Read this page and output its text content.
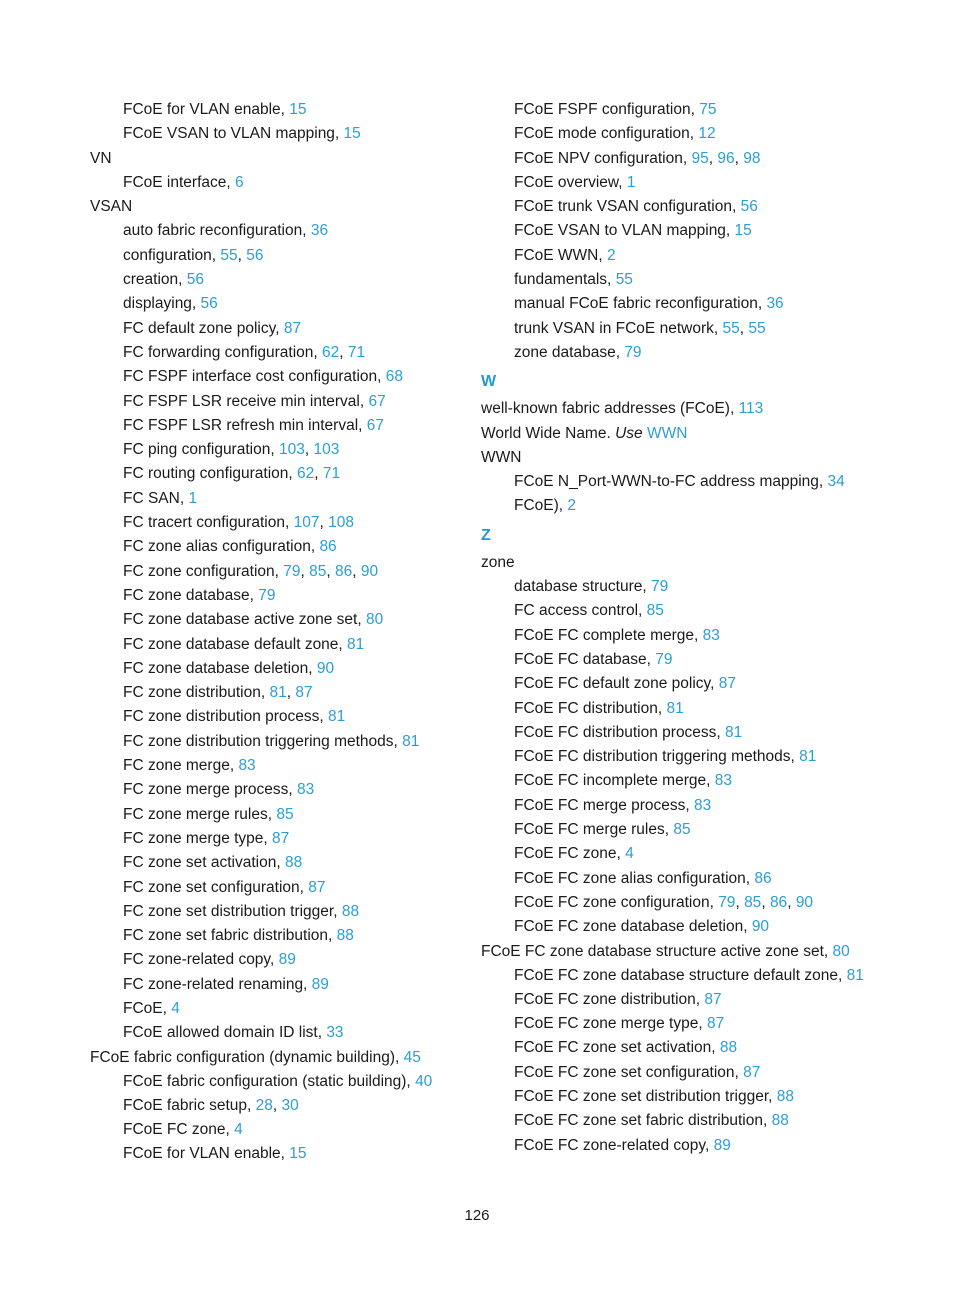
FCoE for VLAN enable, 15
FCoE VSAN to VLAN mapping, 15
VN
FCoE interface, 6
VSAN
auto fabric reconfiguration, 36
configuration, 55, 56
creation, 56
displaying, 56
FC default zone policy, 87
FC forwarding configuration, 62, 71
FC FSPF interface cost configuration, 68
FC FSPF LSR receive min interval, 67
FC FSPF LSR refresh min interval, 67
FC ping configuration, 103, 103
FC routing configuration, 62, 71
FC SAN, 1
FC tracert configuration, 107, 108
FC zone alias configuration, 86
FC zone configuration, 79, 85, 86, 90
FC zone database, 79
FC zone database active zone set, 80
FC zone database default zone, 81
FC zone database deletion, 90
FC zone distribution, 81, 87
FC zone distribution process, 81
FC zone distribution triggering methods, 81
FC zone merge, 83
FC zone merge process, 83
FC zone merge rules, 85
FC zone merge type, 87
FC zone set activation, 88
FC zone set configuration, 87
FC zone set distribution trigger, 88
FC zone set fabric distribution, 88
FC zone-related copy, 89
FC zone-related renaming, 89
FCoE, 4
FCoE allowed domain ID list, 33
FCoE fabric configuration (dynamic building), 45
FCoE fabric configuration (static building), 40
FCoE fabric setup, 28, 30
FCoE FC zone, 4
FCoE for VLAN enable, 15
FCoE FSPF configuration, 75
FCoE mode configuration, 12
FCoE NPV configuration, 95, 96, 98
FCoE overview, 1
FCoE trunk VSAN configuration, 56
FCoE VSAN to VLAN mapping, 15
FCoE WWN, 2
fundamentals, 55
manual FCoE fabric reconfiguration, 36
trunk VSAN in FCoE network, 55, 55
zone database, 79
W
well-known fabric addresses (FCoE), 113
World Wide Name. Use WWN
WWN
FCoE N_Port-WWN-to-FC address mapping, 34
FCoE), 2
Z
zone
database structure, 79
FC access control, 85
FCoE FC complete merge, 83
FCoE FC database, 79
FCoE FC default zone policy, 87
FCoE FC distribution, 81
FCoE FC distribution process, 81
FCoE FC distribution triggering methods, 81
FCoE FC incomplete merge, 83
FCoE FC merge process, 83
FCoE FC merge rules, 85
FCoE FC zone, 4
FCoE FC zone alias configuration, 86
FCoE FC zone configuration, 79, 85, 86, 90
FCoE FC zone database deletion, 90
FCoE FC zone database structure active zone set, 80
FCoE FC zone database structure default zone, 81
FCoE FC zone distribution, 87
FCoE FC zone merge type, 87
FCoE FC zone set activation, 88
FCoE FC zone set configuration, 87
FCoE FC zone set distribution trigger, 88
FCoE FC zone set fabric distribution, 88
FCoE FC zone-related copy, 89
126
